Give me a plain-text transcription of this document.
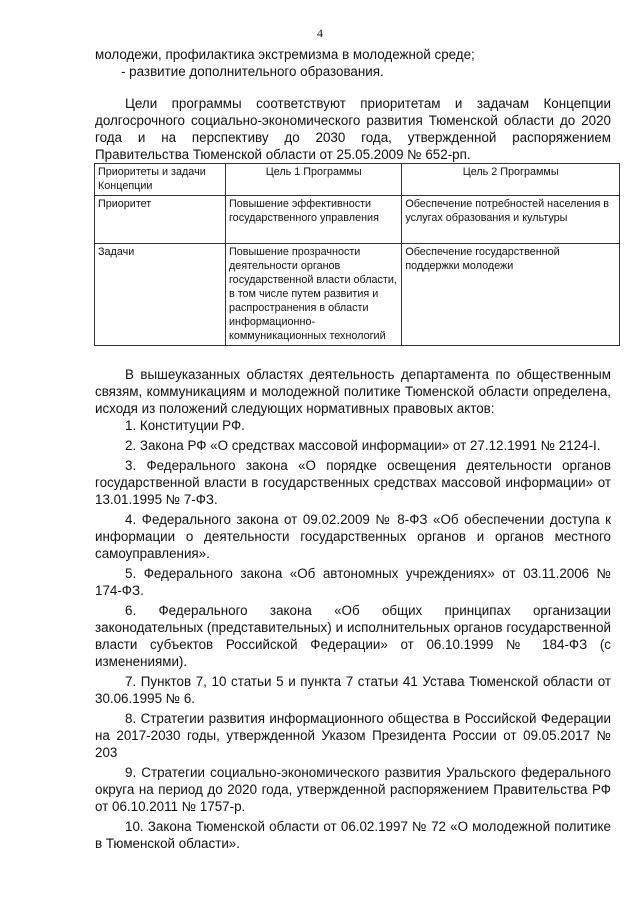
4

молодежи, профилактика экстремизма в молодежной среде;

- развитие дополнительного образования.

Цели программы соответствуют приоритетам и задачам Концепции долгосрочного социально-экономического развития Тюменской области до 2020 года и на перспективу до 2030 года, утвержденной распоряжением Правительства Тюменской области от 25.05.2009 № 652-рп.

Приоритеты и задачи Концепции	Цель 1 Программы	Цель 2 Программы
Приоритет	Повышение эффективности государственного управления	Обеспечение потребностей населения в услугах образования и культуры
Задачи	Повышение прозрачности деятельности органов государственной власти области, в том числе путем развития и распространения в области информационно-коммуникационных технологий	Обеспечение государственной поддержки молодежи

В вышеуказанных областях деятельность департамента по общественным связям, коммуникациям и молодежной политике Тюменской области определена, исходя из положений следующих нормативных правовых актов:

1. Конституции РФ.

2. Закона РФ «О средствах массовой информации» от 27.12.1991 № 2124-I.

3. Федерального закона «О порядке освещения деятельности органов государственной власти в государственных средствах массовой информации» от 13.01.1995 № 7-ФЗ.

4. Федерального закона от 09.02.2009 № 8-ФЗ «Об обеспечении доступа к информации о деятельности государственных органов и органов местного самоуправления».

5. Федерального закона «Об автономных учреждениях» от 03.11.2006 № 174-ФЗ.

6. Федерального закона «Об общих принципах организации законодательных (представительных) и исполнительных органов государственной власти субъектов Российской Федерации» от 06.10.1999 № 184-ФЗ (с изменениями).

7. Пунктов 7, 10 статьи 5 и пункта 7 статьи 41 Устава Тюменской области от 30.06.1995 № 6.

8. Стратегии развития информационного общества в Российской Федерации на 2017-2030 годы, утвержденной Указом Президента России от 09.05.2017 № 203

9. Стратегии социально-экономического развития Уральского федерального округа на период до 2020 года, утвержденной распоряжением Правительства РФ от 06.10.2011 № 1757-р.

10. Закона Тюменской области от 06.02.1997 № 72 «О молодежной политике в Тюменской области».
